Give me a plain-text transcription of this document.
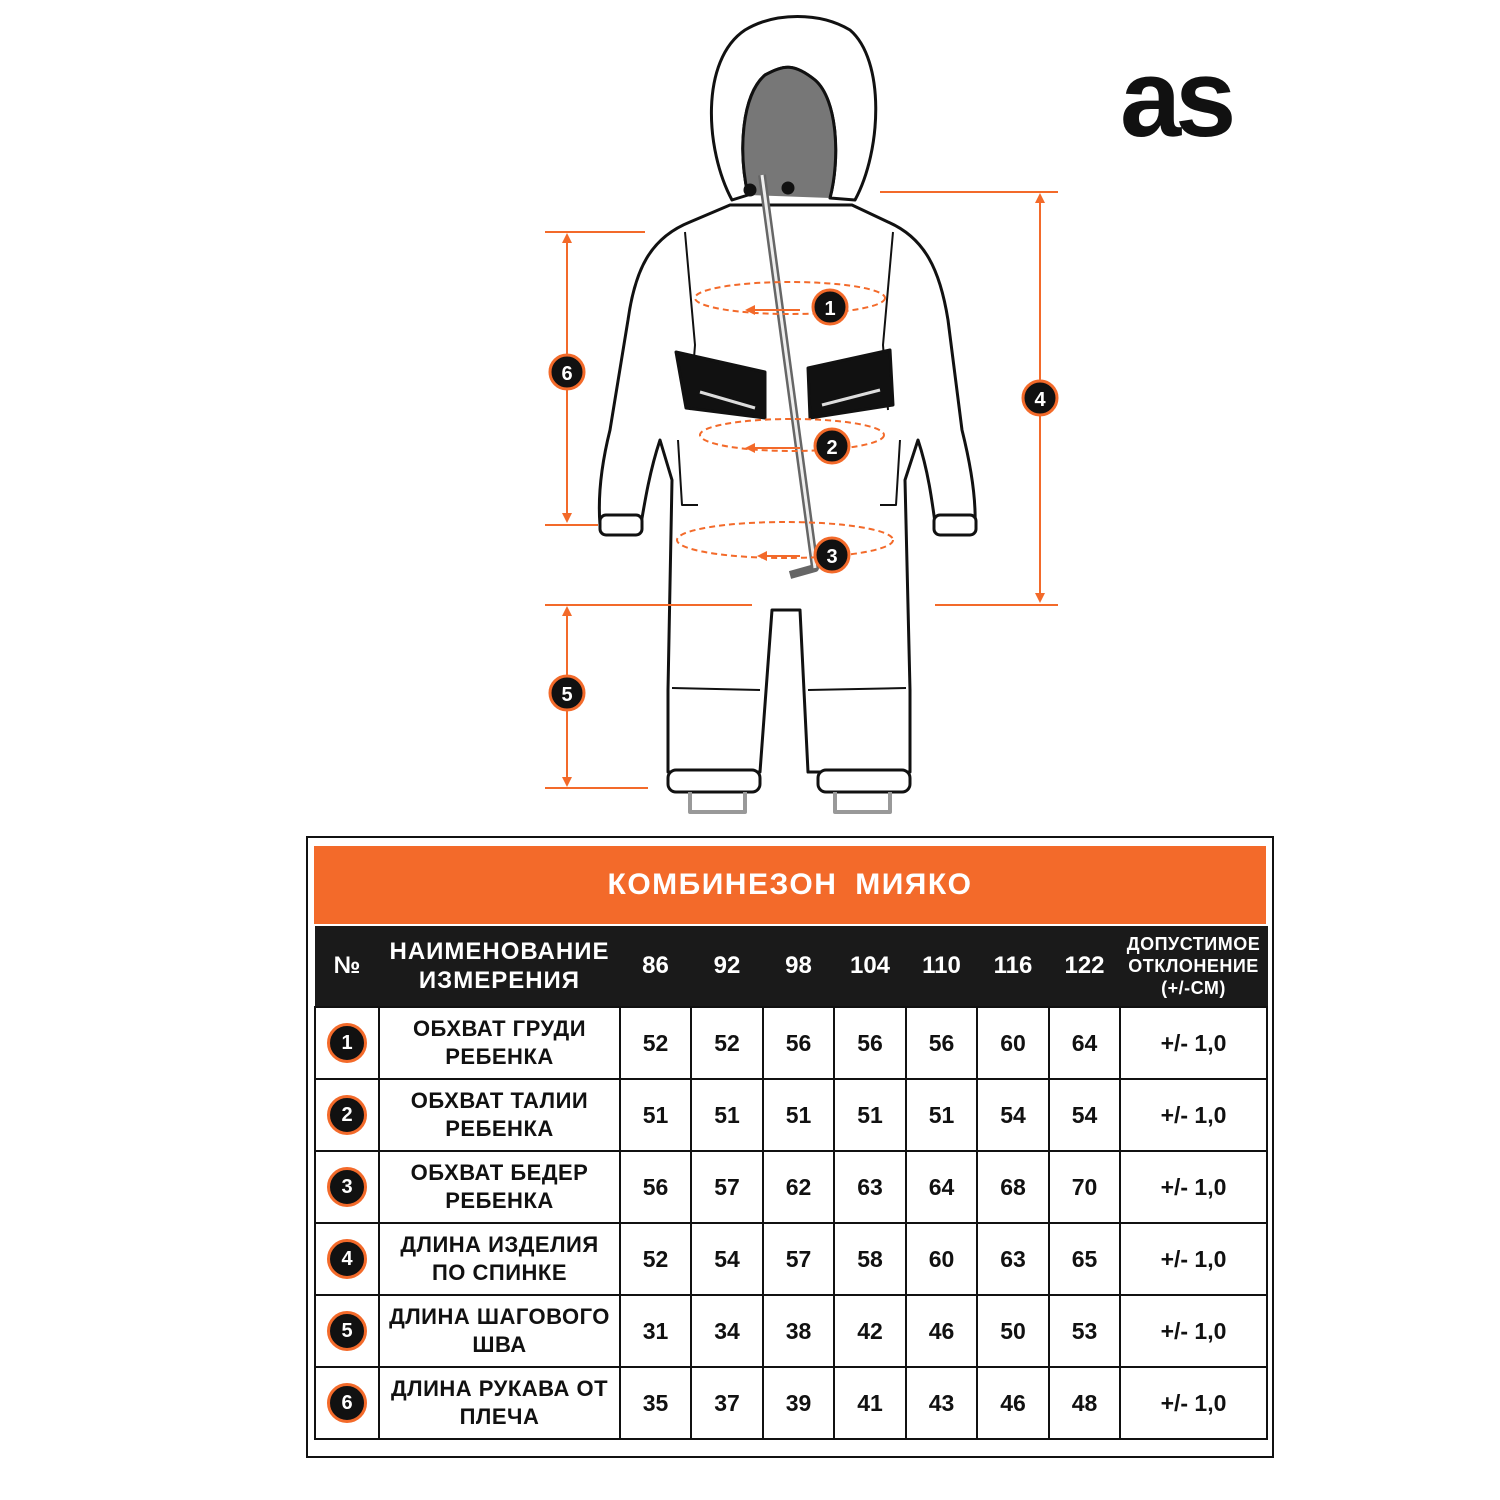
1
2
3
4
5
6
as
КОМБИНЕЗОН МИЯКО
№	НАИМЕНОВАНИЕ ИЗМЕРЕНИЯ	86	92	98	104	110	116	122	ДОПУСТИМОЕ ОТКЛОНЕНИЕ (+/-СМ)
1	ОБХВАТ ГРУДИ РЕБЕНКА	52	52	56	56	56	60	64	+/- 1,0
2	ОБХВАТ ТАЛИИ РЕБЕНКА	51	51	51	51	51	54	54	+/- 1,0
3	ОБХВАТ БЕДЕР РЕБЕНКА	56	57	62	63	64	68	70	+/- 1,0
4	ДЛИНА ИЗДЕЛИЯ ПО СПИНКЕ	52	54	57	58	60	63	65	+/- 1,0
5	ДЛИНА ШАГОВОГО ШВА	31	34	38	42	46	50	53	+/- 1,0
6	ДЛИНА РУКАВА ОТ ПЛЕЧА	35	37	39	41	43	46	48	+/- 1,0
